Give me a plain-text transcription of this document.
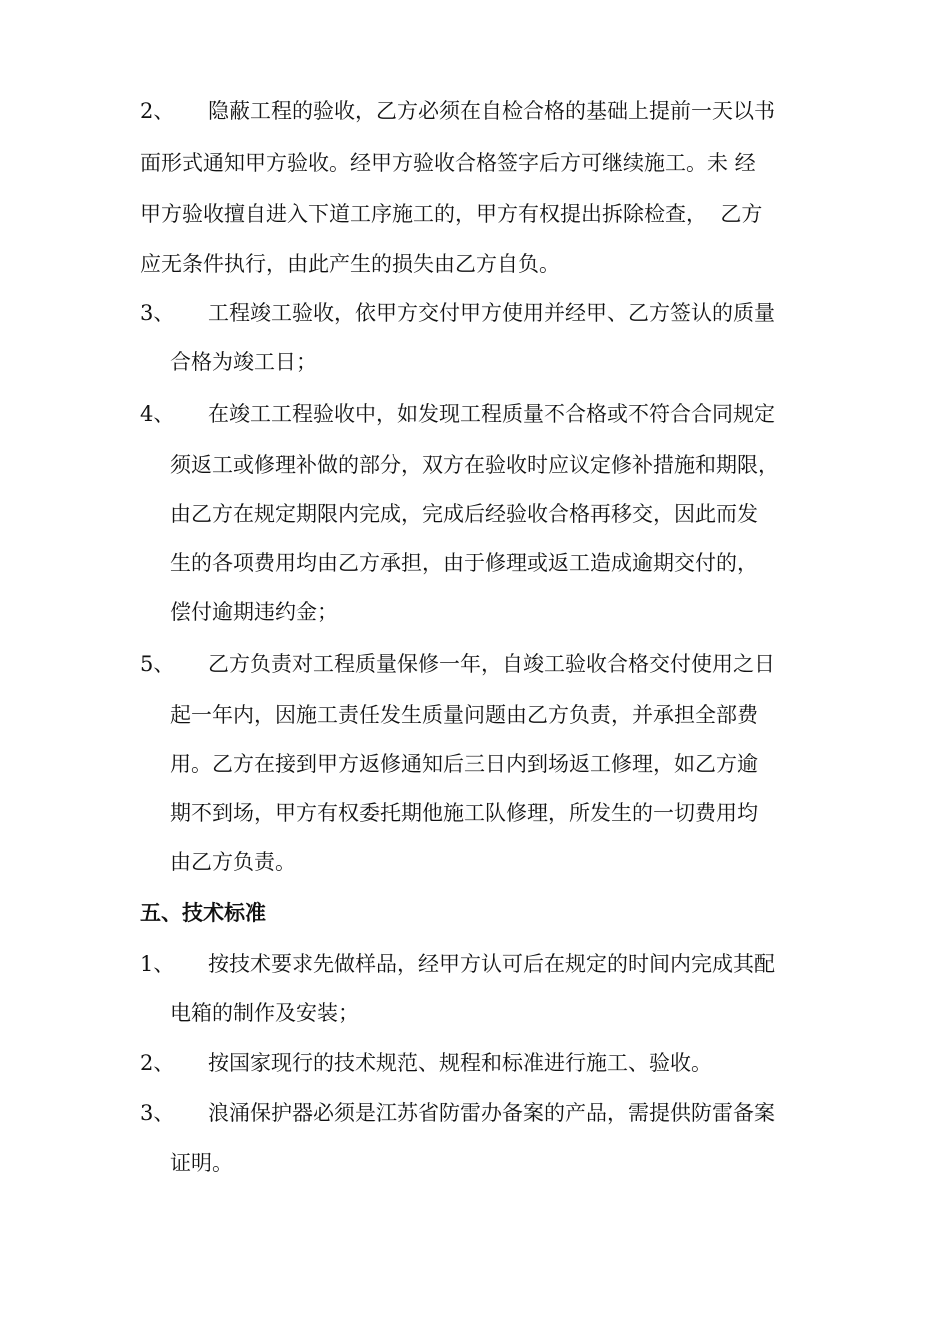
2、 隐蔽工程的验收，乙方必须在自检合格的基础上提前一天以书
面形式通知甲方验收。经甲方验收合格签字后方可继续施工。未 经
甲方验收擅自进入下道工序施工的，甲方有权提出拆除检查，  乙方
应无条件执行，由此产生的损失由乙方自负。
3、 工程竣工验收，依甲方交付甲方使用并经甲、乙方签认的质量
合格为竣工日；
4、 在竣工工程验收中，如发现工程质量不合格或不符合合同规定
须返工或修理补做的部分，双方在验收时应议定修补措施和期限，
由乙方在规定期限内完成，完成后经验收合格再移交，因此而发
生的各项费用均由乙方承担，由于修理或返工造成逾期交付的，
偿付逾期违约金；
5、 乙方负责对工程质量保修一年，自竣工验收合格交付使用之日
起一年内，因施工责任发生质量问题由乙方负责，并承担全部费
用。乙方在接到甲方返修通知后三日内到场返工修理，如乙方逾
期不到场，甲方有权委托期他施工队修理，所发生的一切费用均
由乙方负责。
五、技术标准
1、 按技术要求先做样品，经甲方认可后在规定的时间内完成其配
电箱的制作及安装；
2、 按国家现行的技术规范、规程和标准进行施工、验收。
3、 浪涌保护器必须是江苏省防雷办备案的产品，需提供防雷备案
证明。
